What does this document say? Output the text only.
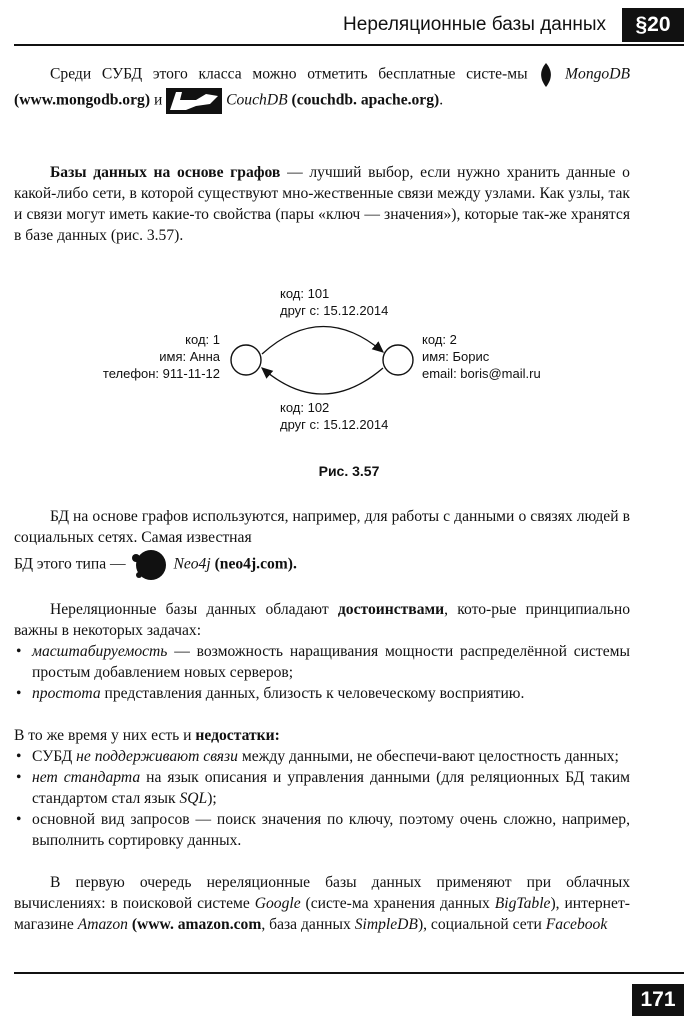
Нереляционные базы данных	§20

Среди СУБД этого класса можно отметить бесплатные систе-мы MongoDB (www.mongodb.org) и	CouchDB (couchdb. apache.org).

Базы данных на основе графов — лучший выбор, если нужно хранить данные о какой-либо сети, в которой существуют мно-жественные связи между узлами. Как узлы, так и связи могут иметь какие-то свойства (пары «ключ — значения»), которые так-же хранятся в базе данных (рис. 3.57).

код: 1
имя: Анна
телефон: 911-11-12
код: 2
имя: Борис
email: boris@mail.ru
код: 101
друг с: 15.12.2014
код: 102
друг с: 15.12.2014
Рис. 3.57

БД на основе графов используются, например, для работы с данными о связях людей в социальных сетях. Самая известная
БД этого типа —	Neo4j (neo4j.com).

Нереляционные базы данных обладают достоинствами, кото-рые принципиально важны в некоторых задачах:

• масштабируемость — возможность наращивания мощности распределённой системы простым добавлением новых серверов;
• простота представления данных, близость к человеческому восприятию.

В то же время у них есть и недостатки:

• СУБД не поддерживают связи между данными, не обеспечи-вают целостность данных;
• нет стандарта на язык описания и управления данными (для реляционных БД таким стандартом стал язык SQL);
• основной вид запросов — поиск значения по ключу, поэтому очень сложно, например, выполнить сортировку данных.

В первую очередь нереляционные базы данных применяют при облачных вычислениях: в поисковой системе Google (систе-ма хранения данных BigTable), интернет-магазине Amazon (www. amazon.com, база данных SimpleDB), социальной сети Facebook

171
